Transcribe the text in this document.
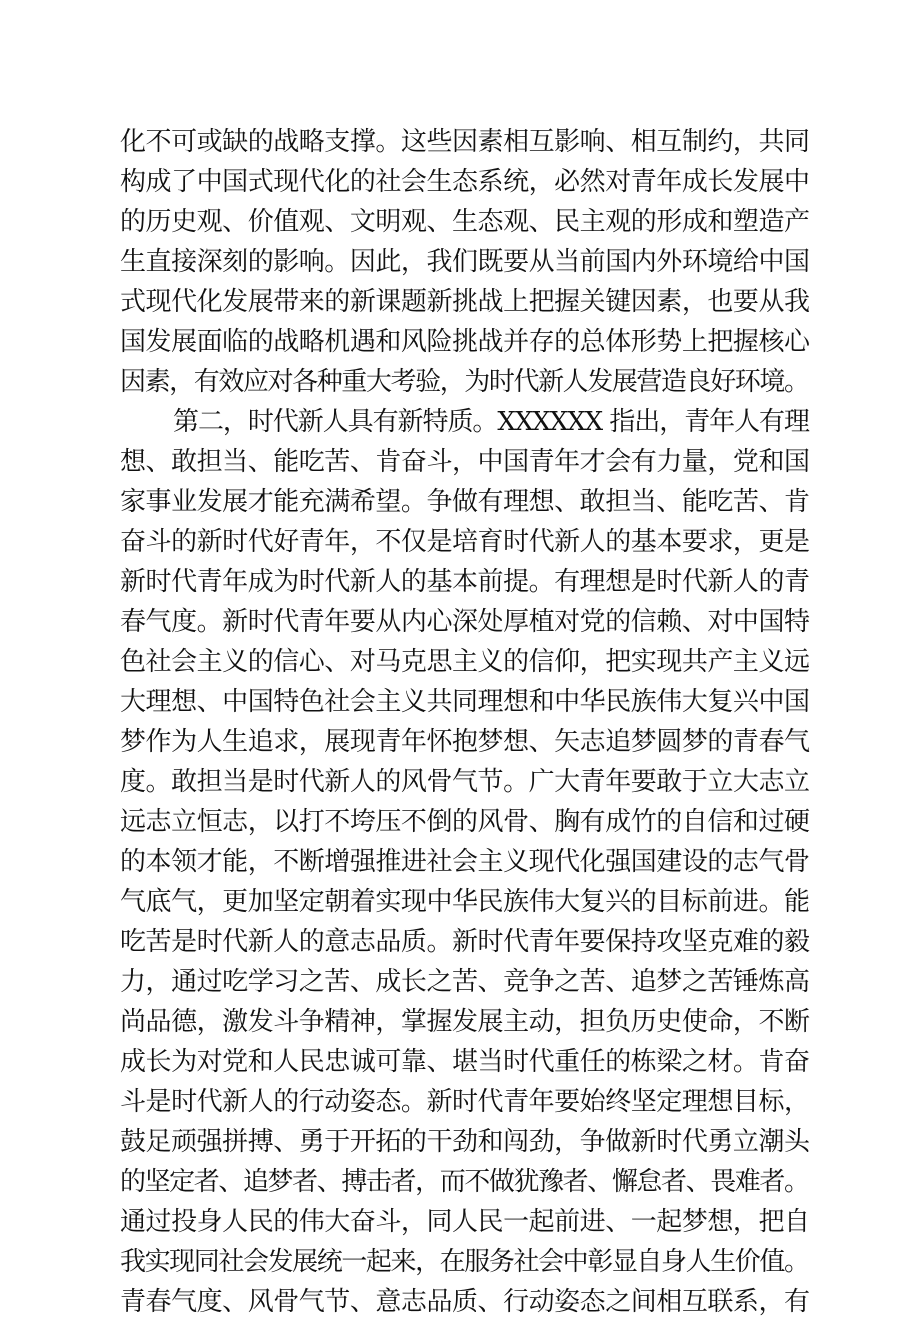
化不可或缺的战略支撑。这些因素相互影响、相互制约，共同
构成了中国式现代化的社会生态系统，必然对青年成长发展中
的历史观、价值观、文明观、生态观、民主观的形成和塑造产
生直接深刻的影响。因此，我们既要从当前国内外环境给中国
式现代化发展带来的新课题新挑战上把握关键因素，也要从我
国发展面临的战略机遇和风险挑战并存的总体形势上把握核心
因素，有效应对各种重大考验，为时代新人发展营造良好环境。
第二，时代新人具有新特质。XXXXXX 指出，青年人有理
想、敢担当、能吃苦、肯奋斗，中国青年才会有力量，党和国
家事业发展才能充满希望。争做有理想、敢担当、能吃苦、肯
奋斗的新时代好青年，不仅是培育时代新人的基本要求，更是
新时代青年成为时代新人的基本前提。有理想是时代新人的青
春气度。新时代青年要从内心深处厚植对党的信赖、对中国特
色社会主义的信心、对马克思主义的信仰，把实现共产主义远
大理想、中国特色社会主义共同理想和中华民族伟大复兴中国
梦作为人生追求，展现青年怀抱梦想、矢志追梦圆梦的青春气
度。敢担当是时代新人的风骨气节。广大青年要敢于立大志立
远志立恒志，以打不垮压不倒的风骨、胸有成竹的自信和过硬
的本领才能，不断增强推进社会主义现代化强国建设的志气骨
气底气，更加坚定朝着实现中华民族伟大复兴的目标前进。能
吃苦是时代新人的意志品质。新时代青年要保持攻坚克难的毅
力，通过吃学习之苦、成长之苦、竞争之苦、追梦之苦锤炼高
尚品德，激发斗争精神，掌握发展主动，担负历史使命，不断
成长为对党和人民忠诚可靠、堪当时代重任的栋梁之材。肯奋
斗是时代新人的行动姿态。新时代青年要始终坚定理想目标，
鼓足顽强拼搏、勇于开拓的干劲和闯劲，争做新时代勇立潮头
的坚定者、追梦者、搏击者，而不做犹豫者、懈怠者、畏难者。
通过投身人民的伟大奋斗，同人民一起前进、一起梦想，把自
我实现同社会发展统一起来，在服务社会中彰显自身人生价值。
青春气度、风骨气节、意志品质、行动姿态之间相互联系，有
